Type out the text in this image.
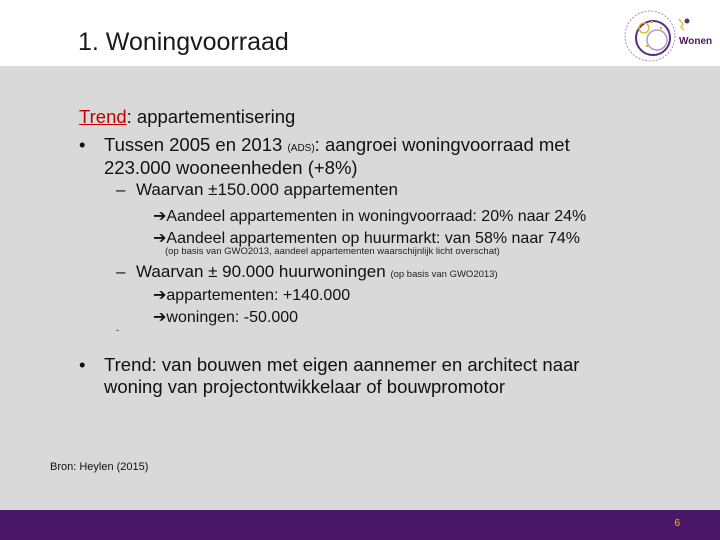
1. Woningvoorraad	Wonen
Trend: appartementisering
• Tussen 2005 en 2013 (ADS): aangroei woningvoorraad met
223.000 wooneenheden (+8%)
– Waarvan ±150.000 appartementen
➔Aandeel appartementen in woningvoorraad: 20% naar 24%
➔Aandeel appartementen op huurmarkt: van 58% naar 74%
(op basis van GWO2013, aandeel appartementen waarschijnlijk licht overschat)
– Waarvan ± 90.000 huurwoningen (op basis van GWO2013)
➔appartementen: +140.000
➔woningen: -50.000
-
• Trend: van bouwen met eigen aannemer en architect naar
woning van projectontwikkelaar of bouwpromotor
Bron: Heylen (2015)
6
